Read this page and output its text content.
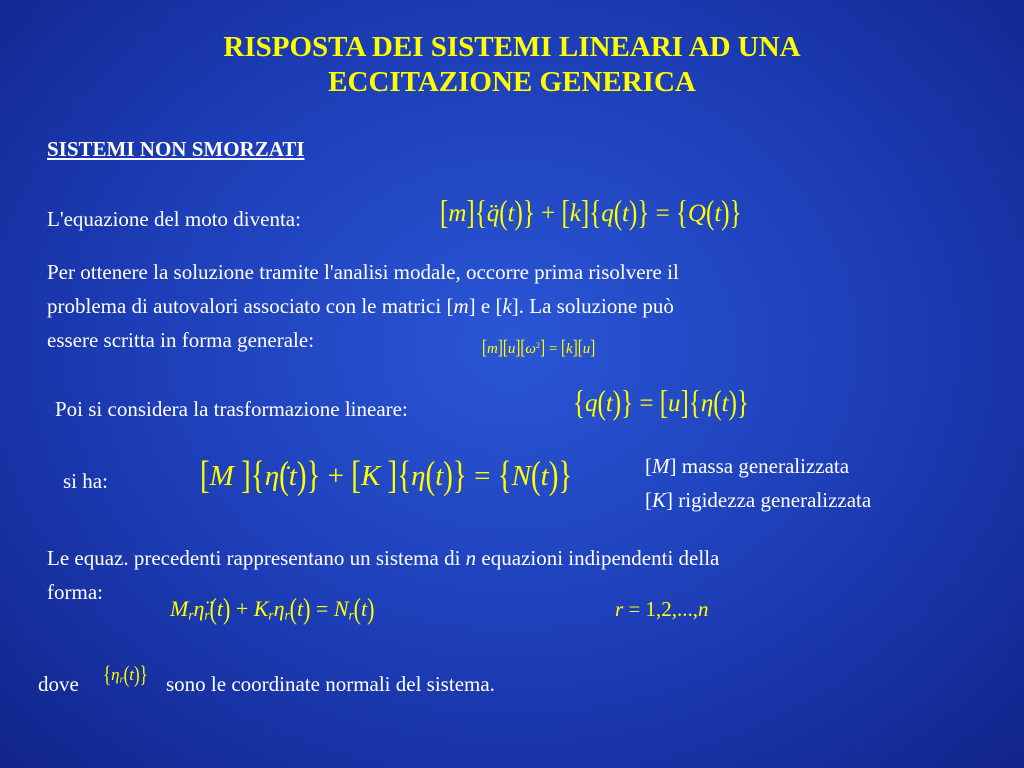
RISPOSTA DEI SISTEMI LINEARI AD UNA
ECCITAZIONE GENERICA
SISTEMI NON SMORZATI
L'equazione del moto diventa:	[m]{q̈(t)} + [k]{q(t)} = {Q(t)}
Per ottenere la soluzione tramite l'analisi modale, occorre prima risolvere il
problema di autovalori associato con le matrici [m] e [k]. La soluzione può
essere scritta in forma generale:	$[m][u][\omega^2] = [k][u]$
Poi si considera la trasformazione lineare:	{q(t)} = [u]{η(t)}
si ha:	[M ]{η̈(t)} + [K ]{η(t)} = {N(t)}	[M] massa generalizzata
[K] rigidezza generalizzata
Le equaz. precedenti rappresentano un sistema di n equazioni indipendenti della
forma:
$M_r\etä_r(t) + K_r\eta_r(t) = N_r(t)$	r = 1,2,...,n
dove $\{\eta_r(t)\}$ sono le coordinate normali del sistema.
